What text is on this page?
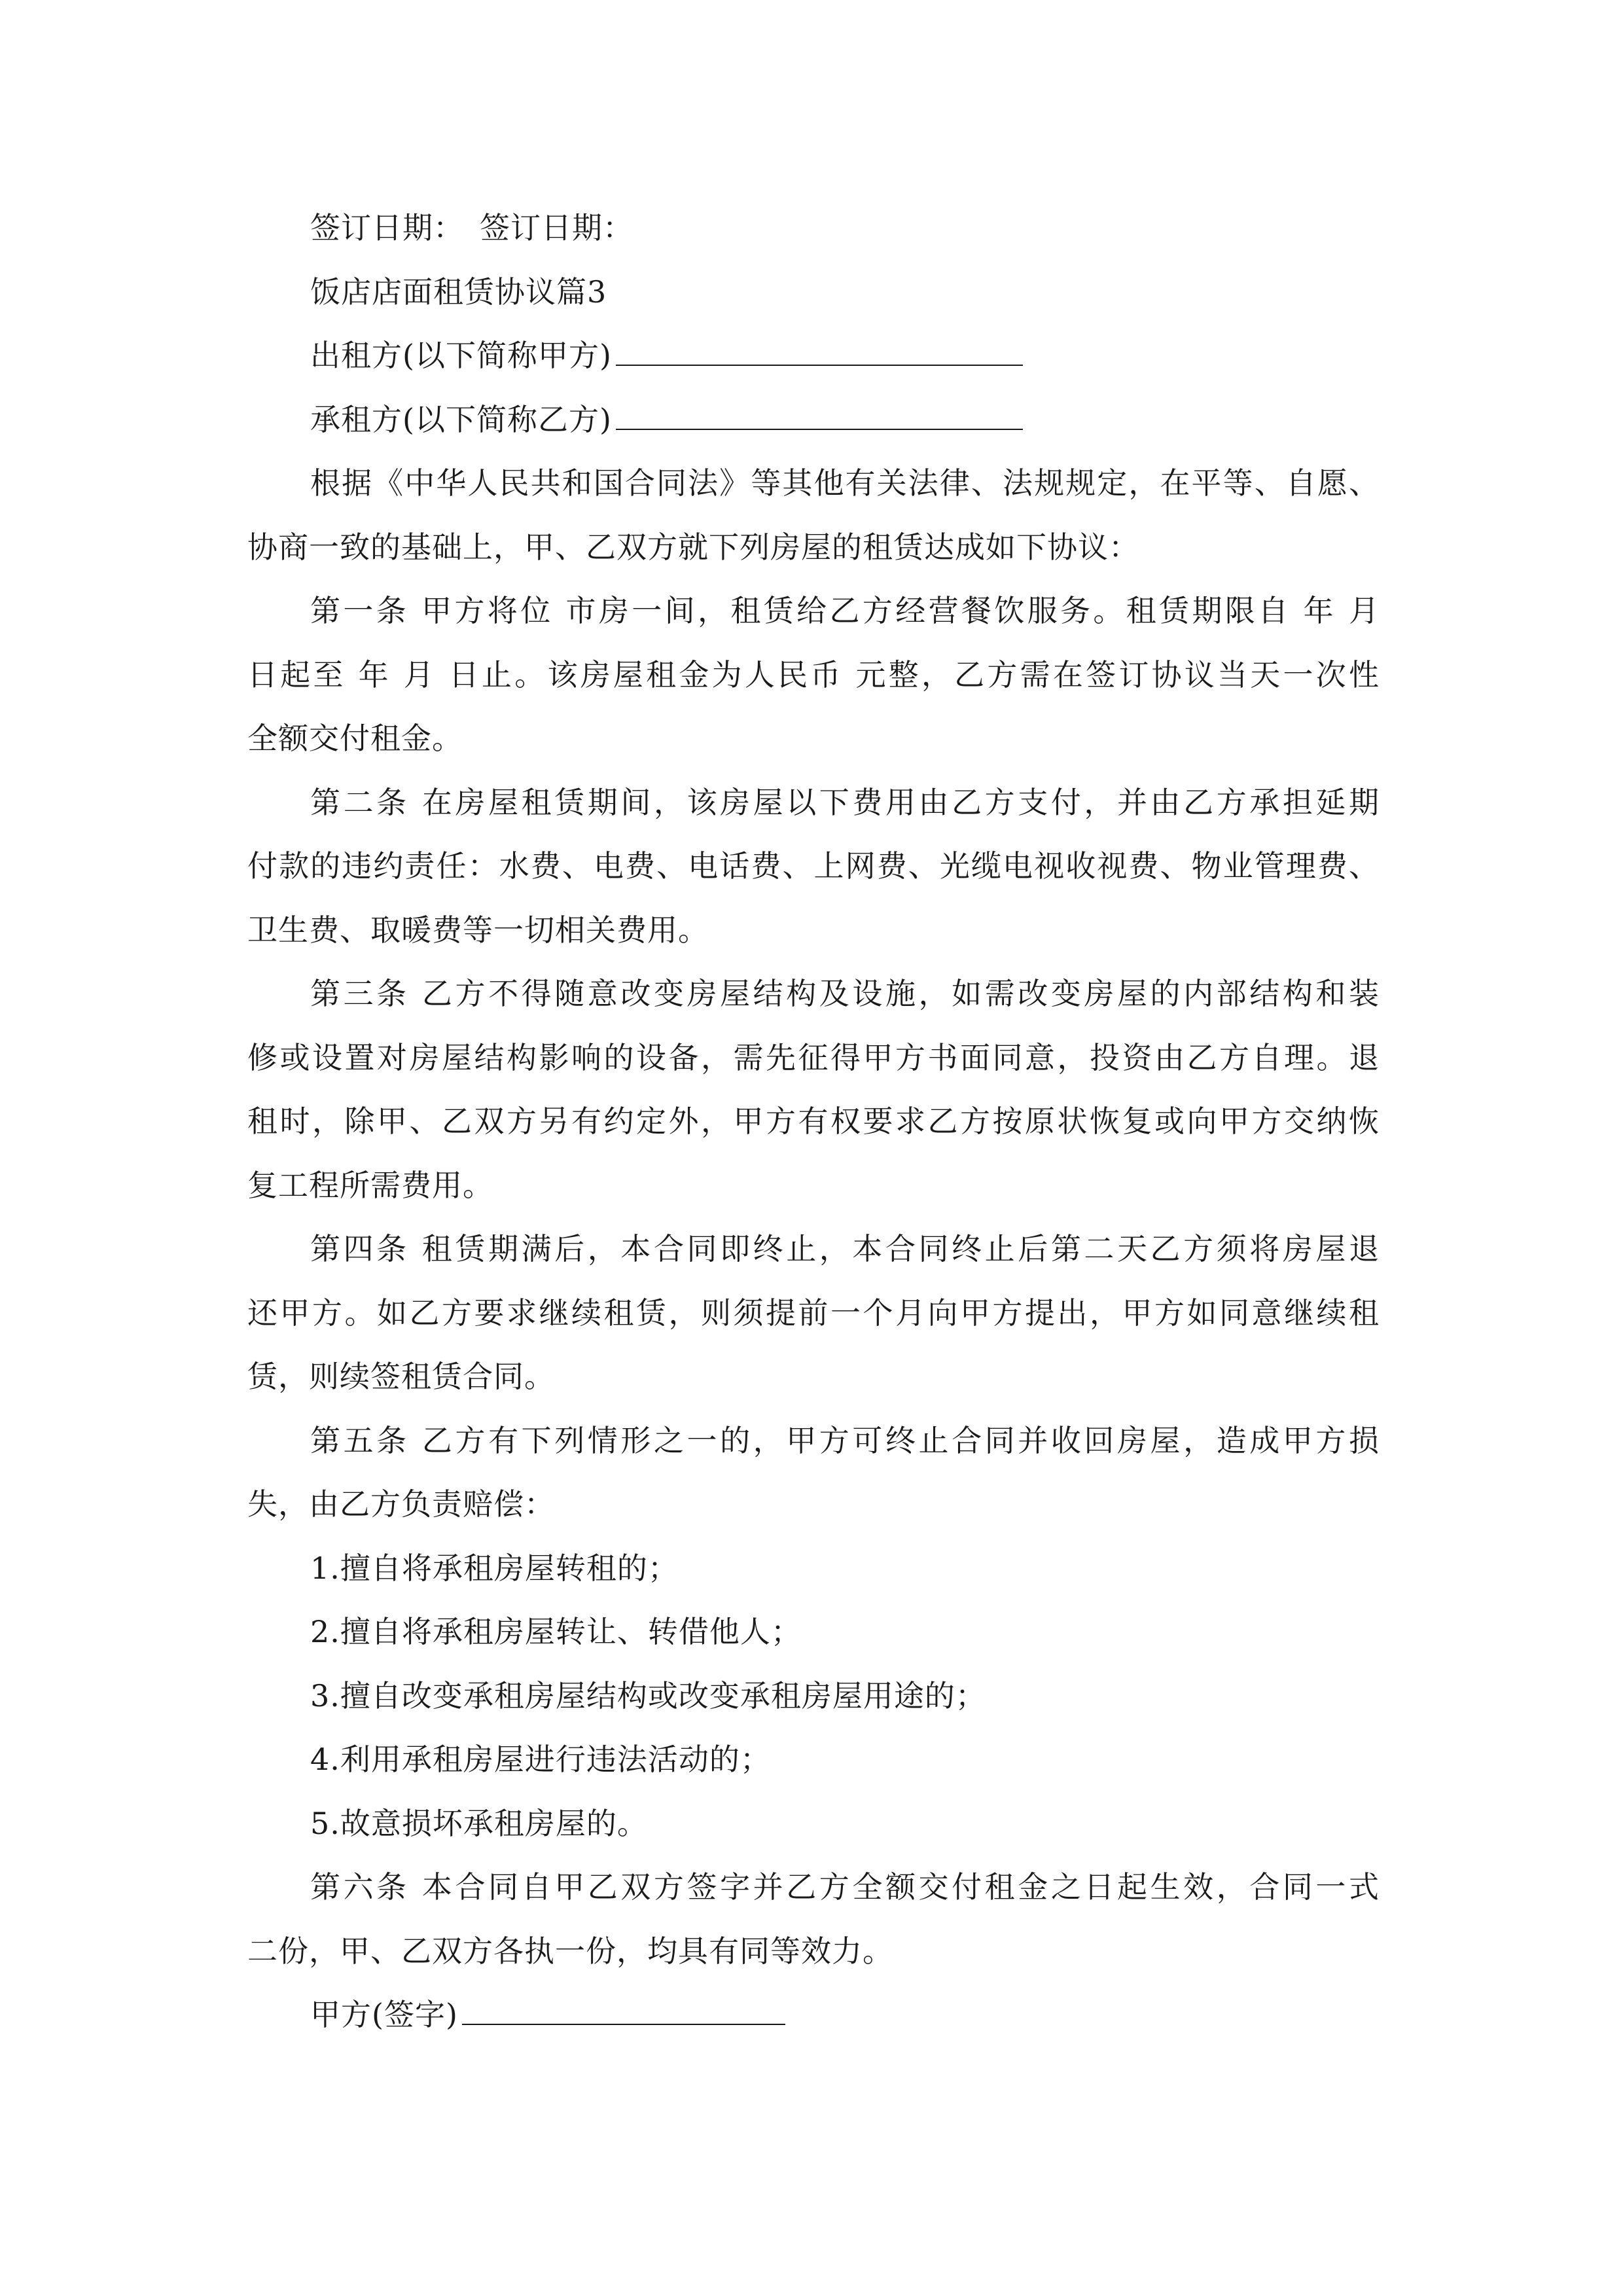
签订日期：　签订日期：
饭店店面租赁协议篇3
出租方(以下简称甲方)
承租方(以下简称乙方)
根据《中华人民共和国合同法》等其他有关法律、法规规定，在平等、自愿、
协商一致的基础上，甲、乙双方就下列房屋的租赁达成如下协议：
第一条 甲方将位 市房一间，租赁给乙方经营餐饮服务。租赁期限自 年 月
日起至 年 月 日止。该房屋租金为人民币 元整，乙方需在签订协议当天一次性
全额交付租金。
第二条 在房屋租赁期间，该房屋以下费用由乙方支付，并由乙方承担延期
付款的违约责任：水费、电费、电话费、上网费、光缆电视收视费、物业管理费、
卫生费、取暖费等一切相关费用。
第三条 乙方不得随意改变房屋结构及设施，如需改变房屋的内部结构和装
修或设置对房屋结构影响的设备，需先征得甲方书面同意，投资由乙方自理。退
租时，除甲、乙双方另有约定外，甲方有权要求乙方按原状恢复或向甲方交纳恢
复工程所需费用。
第四条 租赁期满后，本合同即终止，本合同终止后第二天乙方须将房屋退
还甲方。如乙方要求继续租赁，则须提前一个月向甲方提出，甲方如同意继续租
赁，则续签租赁合同。
第五条 乙方有下列情形之一的，甲方可终止合同并收回房屋，造成甲方损
失，由乙方负责赔偿：
1.擅自将承租房屋转租的；
2.擅自将承租房屋转让、转借他人；
3.擅自改变承租房屋结构或改变承租房屋用途的；
4.利用承租房屋进行违法活动的；
5.故意损坏承租房屋的。
第六条 本合同自甲乙双方签字并乙方全额交付租金之日起生效，合同一式
二份，甲、乙双方各执一份，均具有同等效力。
甲方(签字)
